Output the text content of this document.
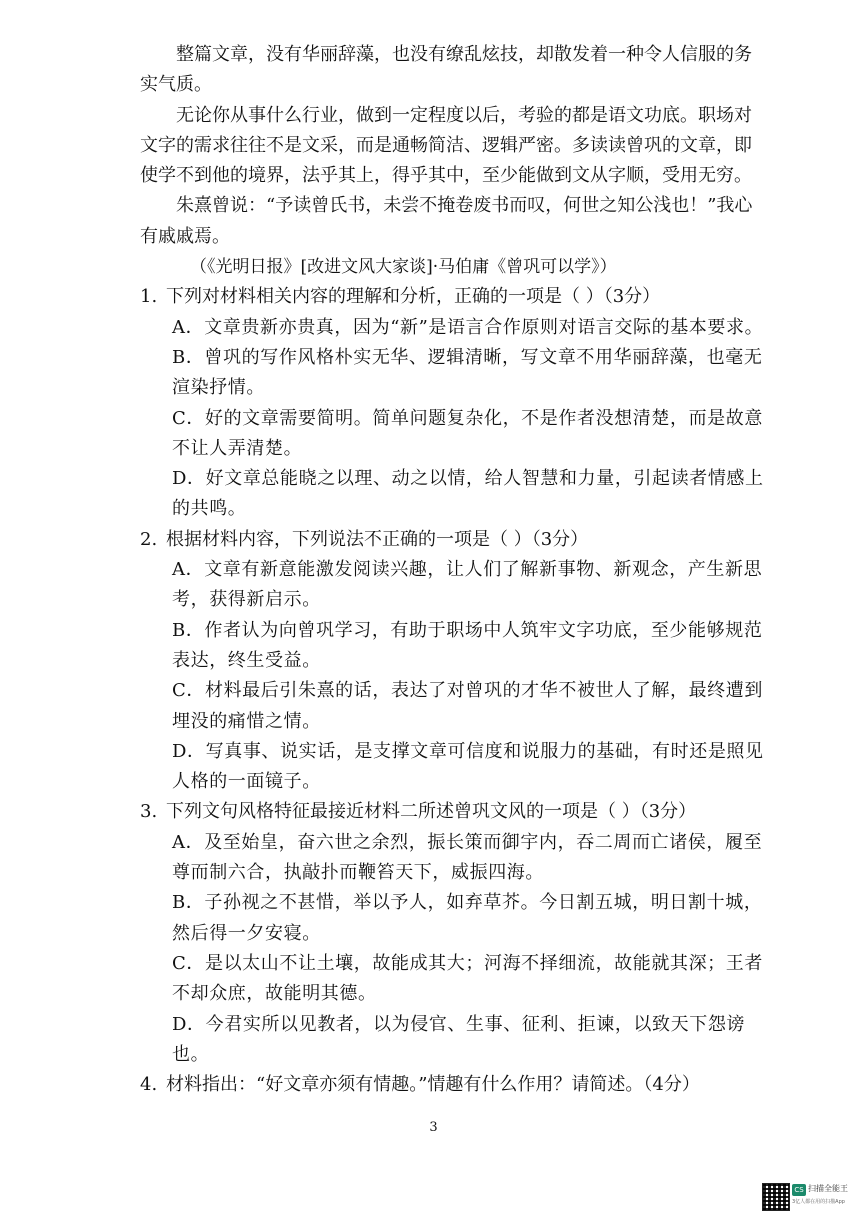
整篇文章，没有华丽辞藻，也没有缭乱炫技，却散发着一种令人信服的务实气质。

无论你从事什么行业，做到一定程度以后，考验的都是语文功底。职场对文字的需求往往不是文采，而是通畅简洁、逻辑严密。多读读曾巩的文章，即使学不到他的境界，法乎其上，得乎其中，至少能做到文从字顺，受用无穷。

朱熹曾说：“予读曾氏书，未尝不掩卷废书而叹，何世之知公浅也！”我心有戚戚焉。

（《光明日报》[改进文风大家谈]·马伯庸《曾巩可以学》）

1. 下列对材料相关内容的理解和分析，正确的一项是（ ）（3分）
A．文章贵新亦贵真，因为“新”是语言合作原则对语言交际的基本要求。
B．曾巩的写作风格朴实无华、逻辑清晰，写文章不用华丽辞藻，也毫无渲染抒情。
C．好的文章需要简明。简单问题复杂化，不是作者没想清楚，而是故意不让人弄清楚。
D．好文章总能晓之以理、动之以情，给人智慧和力量，引起读者情感上的共鸣。
2. 根据材料内容，下列说法不正确的一项是（ ）（3分）
A．文章有新意能激发阅读兴趣，让人们了解新事物、新观念，产生新思考，获得新启示。
B．作者认为向曾巩学习，有助于职场中人筑牢文字功底，至少能够规范表达，终生受益。
C．材料最后引朱熹的话，表达了对曾巩的才华不被世人了解，最终遭到埋没的痛惜之情。
D．写真事、说实话，是支撑文章可信度和说服力的基础，有时还是照见人格的一面镜子。
3. 下列文句风格特征最接近材料二所述曾巩文风的一项是（ ）（3分）
A．及至始皇，奋六世之余烈，振长策而御宇内，吞二周而亡诸侯，履至尊而制六合，执敲扑而鞭笞天下，威振四海。
B．子孙视之不甚惜，举以予人，如弃草芥。今日割五城，明日割十城，然后得一夕安寝。
C．是以太山不让土壤，故能成其大；河海不择细流，故能就其深；王者不却众庶，故能明其德。
D．今君实所以见教者，以为侵官、生事、征利、拒谏，以致天下怨谤也。
4. 材料指出：“好文章亦须有情趣。”情趣有什么作用？请简述。（4分）
3
CS 扫描全能王
3亿人都在用的扫描App
